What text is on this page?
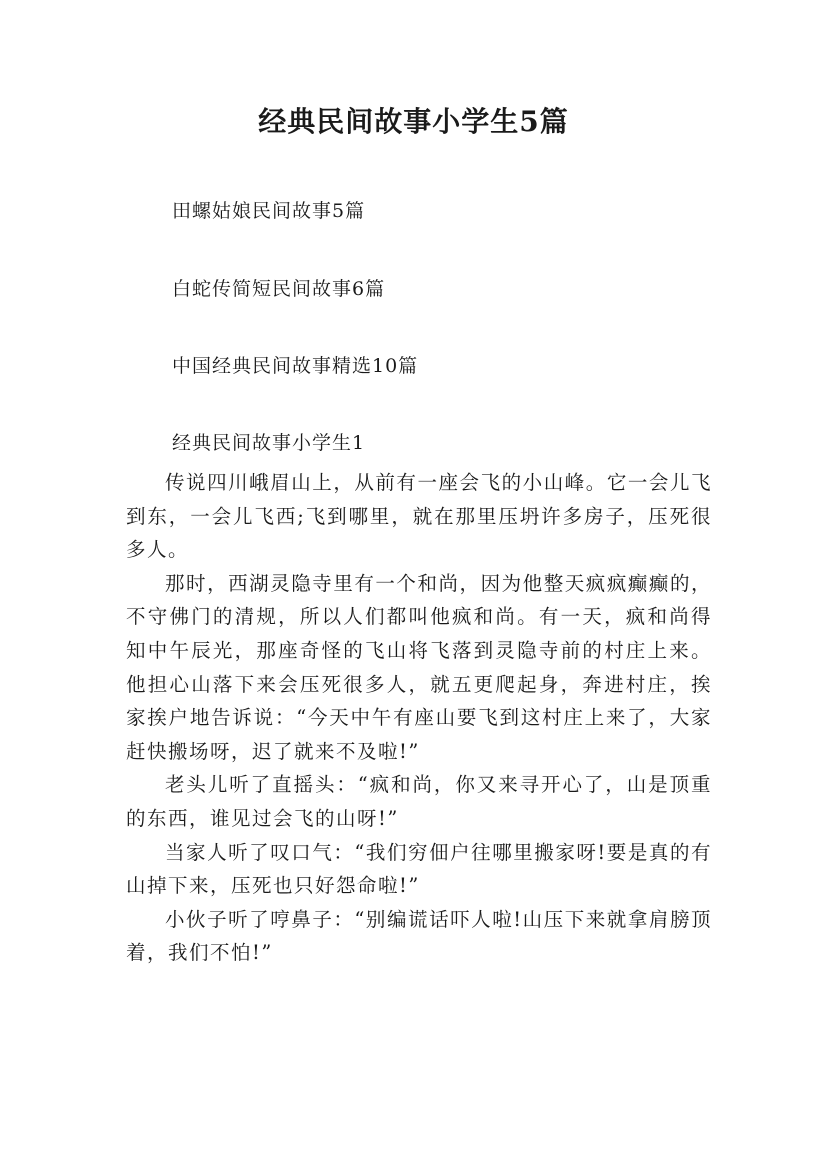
经典民间故事小学生5篇
田螺姑娘民间故事5篇
白蛇传简短民间故事6篇
中国经典民间故事精选10篇
经典民间故事小学生1

传说四川峨眉山上，从前有一座会飞的小山峰。它一会儿飞到东，一会儿飞西;飞到哪里，就在那里压坍许多房子，压死很多人。

那时，西湖灵隐寺里有一个和尚，因为他整天疯疯癫癫的，不守佛门的清规，所以人们都叫他疯和尚。有一天，疯和尚得知中午辰光，那座奇怪的飞山将飞落到灵隐寺前的村庄上来。他担心山落下来会压死很多人，就五更爬起身，奔进村庄，挨家挨户地告诉说：“今天中午有座山要飞到这村庄上来了，大家赶快搬场呀，迟了就来不及啦!”

老头儿听了直摇头：“疯和尚，你又来寻开心了，山是顶重的东西，谁见过会飞的山呀!”

当家人听了叹口气：“我们穷佃户往哪里搬家呀!要是真的有山掉下来，压死也只好怨命啦!”

小伙子听了哼鼻子：“别编谎话吓人啦!山压下来就拿肩膀顶着，我们不怕!”
